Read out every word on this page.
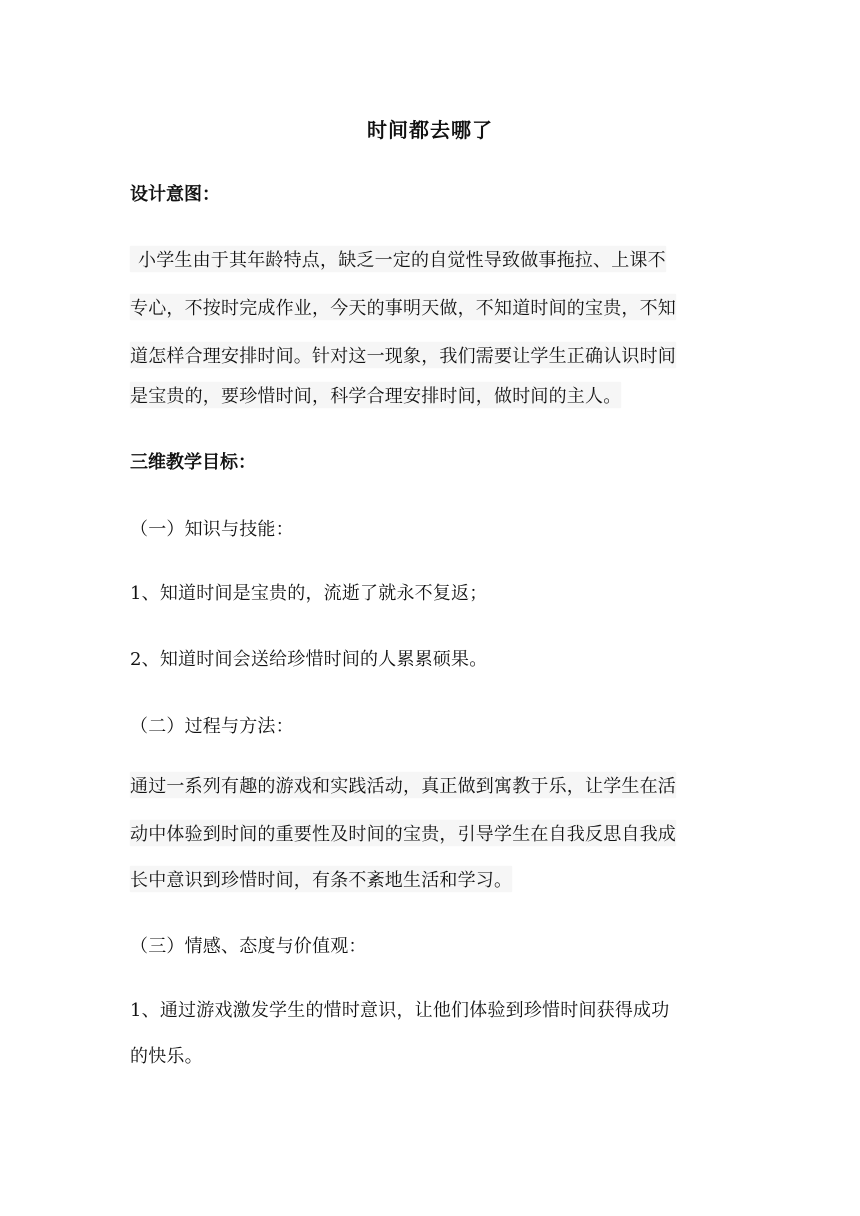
时间都去哪了
设计意图：
小学生由于其年龄特点，缺乏一定的自觉性导致做事拖拉、上课不
专心，不按时完成作业，今天的事明天做，不知道时间的宝贵，不知
道怎样合理安排时间。针对这一现象，我们需要让学生正确认识时间
是宝贵的，要珍惜时间，科学合理安排时间，做时间的主人。
三维教学目标：
（一）知识与技能：
1、知道时间是宝贵的，流逝了就永不复返；
2、知道时间会送给珍惜时间的人累累硕果。
（二）过程与方法：
通过一系列有趣的游戏和实践活动，真正做到寓教于乐，让学生在活
动中体验到时间的重要性及时间的宝贵，引导学生在自我反思自我成
长中意识到珍惜时间，有条不紊地生活和学习。
（三）情感、态度与价值观：
1、通过游戏激发学生的惜时意识，让他们体验到珍惜时间获得成功
的快乐。
